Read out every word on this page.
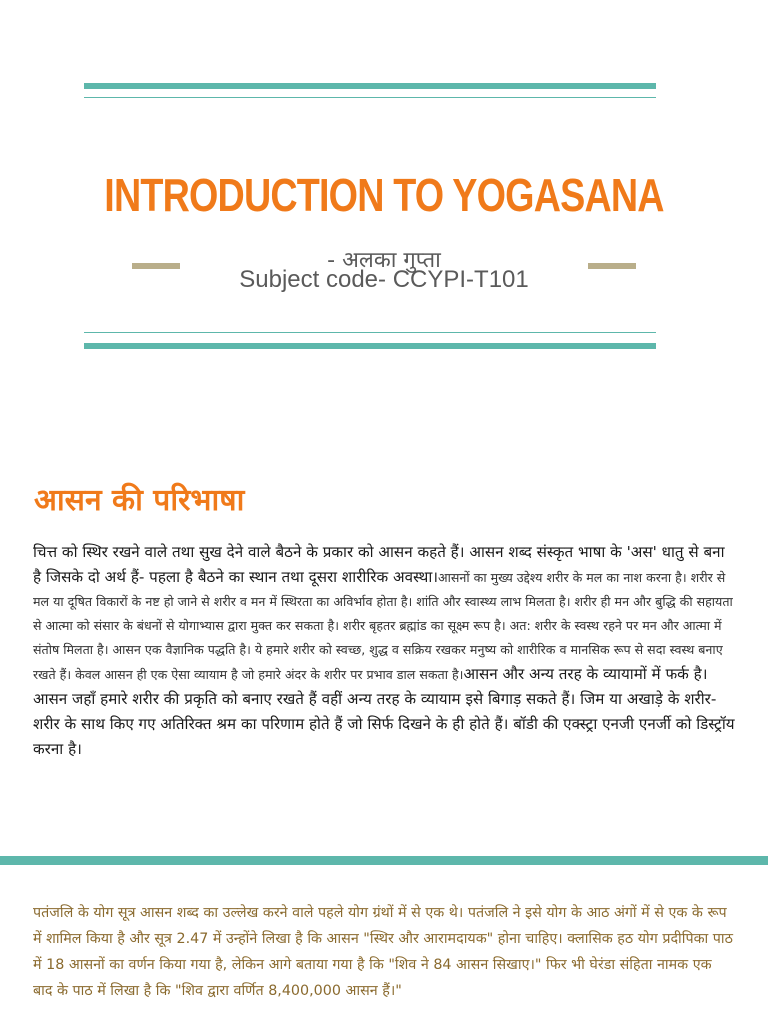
INTRODUCTION TO YOGASANA
- अलका गुप्ता
Subject code- CCYPI-T101
आसन की परिभाषा
चित्त को स्थिर रखने वाले तथा सुख देने वाले बैठने के प्रकार को आसन कहते हैं। आसन शब्द संस्कृत भाषा के 'अस' धातु से बना है जिसके दो अर्थ हैं- पहला है बैठने का स्थान तथा दूसरा शारीरिक अवस्था।आसनों का मुख्य उद्देश्य शरीर के मल का नाश करना है। शरीर से मल या दूषित विकारों के नष्ट हो जाने से शरीर व मन में स्थिरता का अविर्भाव होता है। शांति और स्वास्थ्य लाभ मिलता है। शरीर ही मन और बुद्धि की सहायता से आत्मा को संसार के बंधनों से योगाभ्यास द्वारा मुक्त कर सकता है। शरीर बृहतर ब्रह्मांड का सूक्ष्म रूप है। अत: शरीर के स्वस्थ रहने पर मन और आत्मा में संतोष मिलता है। आसन एक वैज्ञानिक पद्धति है। ये हमारे शरीर को स्वच्छ, शुद्ध व सक्रिय रखकर मनुष्य को शारीरिक व मानसिक रूप से सदा स्वस्थ बनाए रखते हैं। केवल आसन ही एक ऐसा व्यायाम है जो हमारे अंदर के शरीर पर प्रभाव डाल सकता है।आसन और अन्य तरह के व्यायामों में फर्क है। आसन जहाँ हमारे शरीर की प्रकृति को बनाए रखते हैं वहीं अन्य तरह के व्यायाम इसे बिगाड़ सकते हैं। जिम या अखाड़े के शरीर- शरीर के साथ किए गए अतिरिक्त श्रम का परिणाम होते हैं जो सिर्फ दिखने के ही होते हैं। बॉडी की एक्स्ट्रा एनजी एनर्जी को डिस्ट्रॉय करना है।
पतंजलि के योग सूत्र आसन शब्द का उल्लेख करने वाले पहले योग ग्रंथों में से एक थे। पतंजलि ने इसे योग के आठ अंगों में से एक के रूप में शामिल किया है और सूत्र 2.47 में उन्होंने लिखा है कि आसन "स्थिर और आरामदायक" होना चाहिए। क्लासिक हठ योग प्रदीपिका पाठ में 18 आसनों का वर्णन किया गया है, लेकिन आगे बताया गया है कि "शिव ने 84 आसन सिखाए।" फिर भी घेरंडा संहिता नामक एक बाद के पाठ में लिखा है कि "शिव द्वारा वर्णित 8,400,000 आसन हैं।"
